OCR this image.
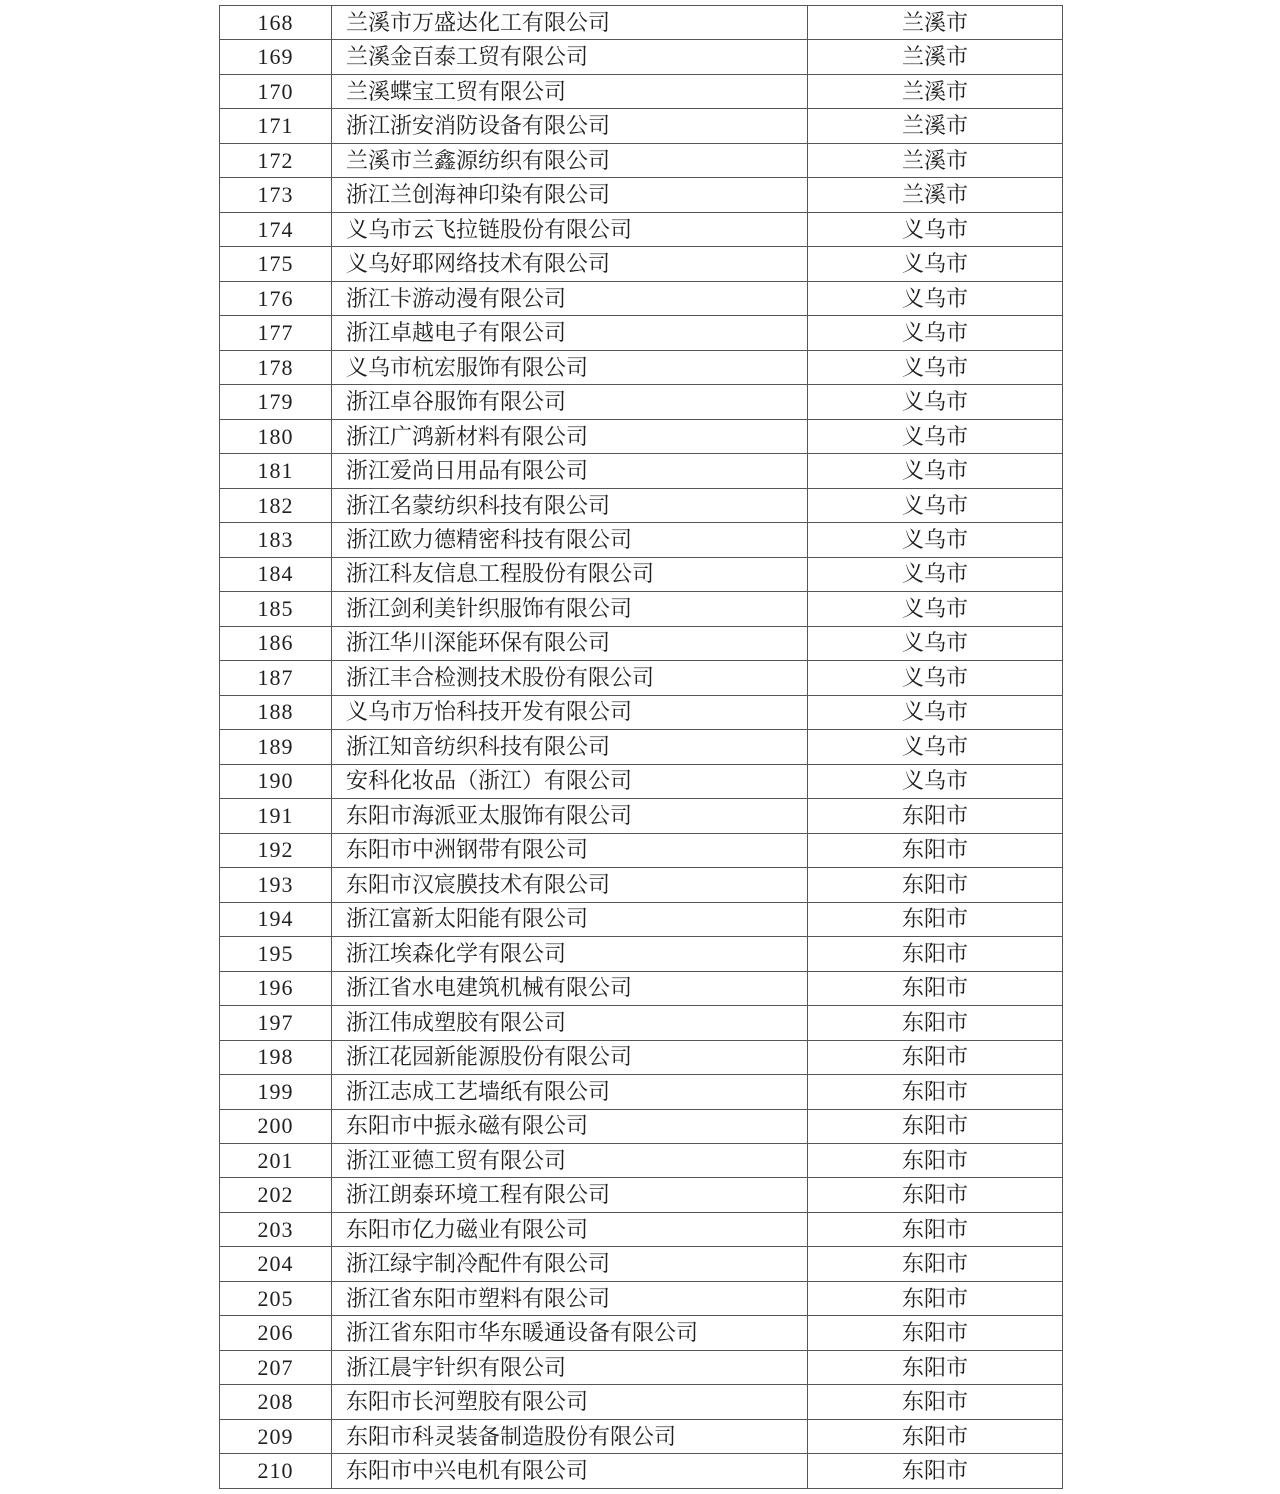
168	兰溪市万盛达化工有限公司	兰溪市
169	兰溪金百泰工贸有限公司	兰溪市
170	兰溪蝶宝工贸有限公司	兰溪市
171	浙江浙安消防设备有限公司	兰溪市
172	兰溪市兰鑫源纺织有限公司	兰溪市
173	浙江兰创海神印染有限公司	兰溪市
174	义乌市云飞拉链股份有限公司	义乌市
175	义乌好耶网络技术有限公司	义乌市
176	浙江卡游动漫有限公司	义乌市
177	浙江卓越电子有限公司	义乌市
178	义乌市杭宏服饰有限公司	义乌市
179	浙江卓谷服饰有限公司	义乌市
180	浙江广鸿新材料有限公司	义乌市
181	浙江爱尚日用品有限公司	义乌市
182	浙江名蒙纺织科技有限公司	义乌市
183	浙江欧力德精密科技有限公司	义乌市
184	浙江科友信息工程股份有限公司	义乌市
185	浙江剑利美针织服饰有限公司	义乌市
186	浙江华川深能环保有限公司	义乌市
187	浙江丰合检测技术股份有限公司	义乌市
188	义乌市万怡科技开发有限公司	义乌市
189	浙江知音纺织科技有限公司	义乌市
190	安科化妆品（浙江）有限公司	义乌市
191	东阳市海派亚太服饰有限公司	东阳市
192	东阳市中洲钢带有限公司	东阳市
193	东阳市汉宸膜技术有限公司	东阳市
194	浙江富新太阳能有限公司	东阳市
195	浙江埃森化学有限公司	东阳市
196	浙江省水电建筑机械有限公司	东阳市
197	浙江伟成塑胶有限公司	东阳市
198	浙江花园新能源股份有限公司	东阳市
199	浙江志成工艺墙纸有限公司	东阳市
200	东阳市中振永磁有限公司	东阳市
201	浙江亚德工贸有限公司	东阳市
202	浙江朗泰环境工程有限公司	东阳市
203	东阳市亿力磁业有限公司	东阳市
204	浙江绿宇制冷配件有限公司	东阳市
205	浙江省东阳市塑料有限公司	东阳市
206	浙江省东阳市华东暖通设备有限公司	东阳市
207	浙江晨宇针织有限公司	东阳市
208	东阳市长河塑胶有限公司	东阳市
209	东阳市科灵装备制造股份有限公司	东阳市
210	东阳市中兴电机有限公司	东阳市
